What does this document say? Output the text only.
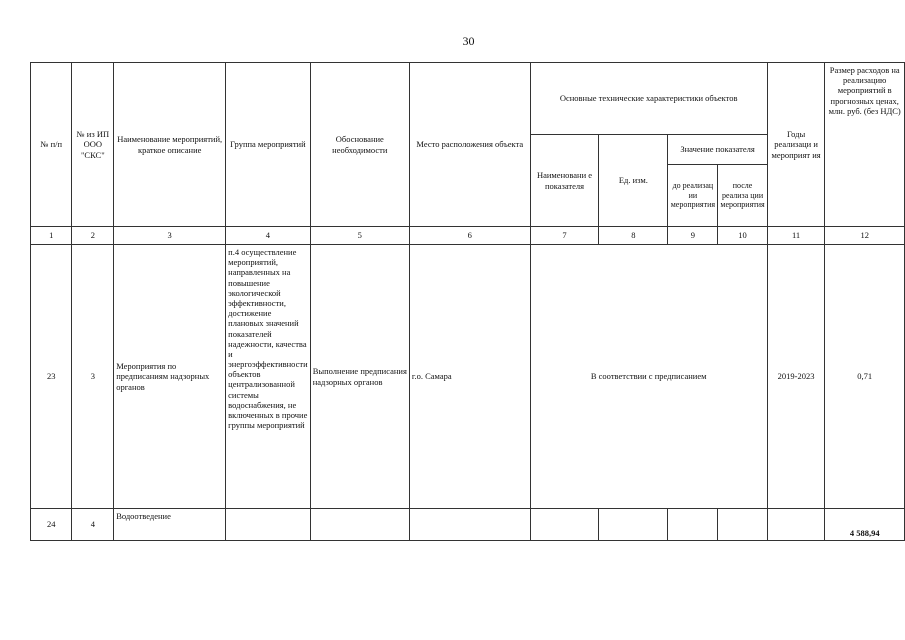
30
№ п/п	№ из ИП ООО "СКС"	Наименование мероприятий, краткое описание	Группа мероприятий	Обоснование необходимости	Место расположения объекта	Основные технические характеристики объектов				Годы реализаци и мероприят ия	Размер расходов на реализацию мероприятий в прогнозных ценах, млн. руб. (без НДС)
						Наименовани е показателя	Ед. изм.	Значение показателя			
								до реализац ии мероприятия	после реализа ции мероприятия		
1	2	3	4	5	6	7	8	9	10	11	12
23	3	Мероприятия по предписаниям надзорных органов	п.4 осуществление мероприятий, направленных на повышение экологической эффективности, достижение плановых значений показателей надежности, качества и энергоэффективности объектов централизованной системы водоснабжения, не включенных в прочие группы мероприятий	Выполнение предписания надзорных органов	г.о. Самара	В соответствии с предписанием				2019-2023	0,71
24	4	Водоотведение									4 588,94
